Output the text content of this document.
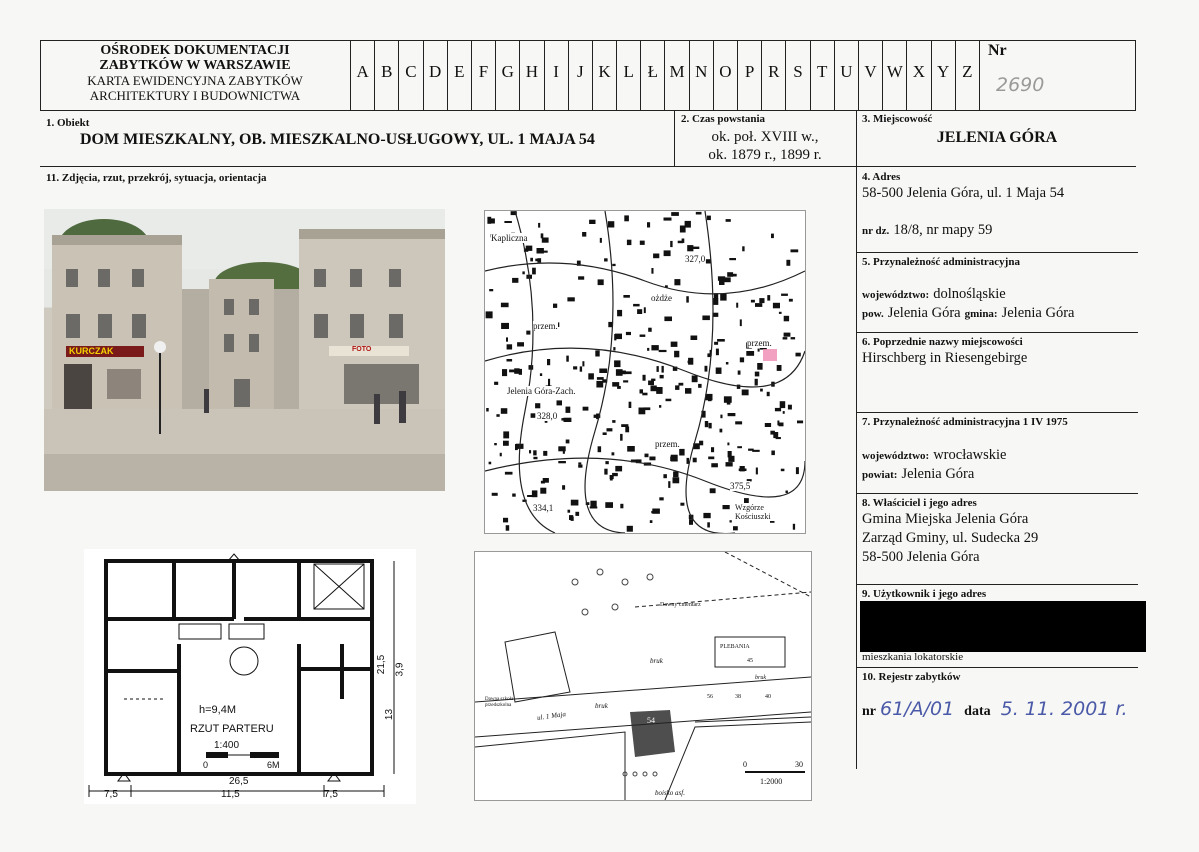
OŚRODEK DOKUMENTACJI
ZABYTKÓW W WARSZAWIE
KARTA EWIDENCYJNA ZABYTKÓW
ARCHITEKTURY I BUDOWNICTWA
A B C D E F G H I	J K L Ł M N O P R S T U V W X Y Z
Nr
2690
1. Obiekt
DOM MIESZKALNY, OB. MIESZKALNO-USŁUGOWY, UL. 1 MAJA 54
2. Czas powstania
ok. poł. XVIII w.,
ok. 1879 r., 1899 r.
3. Miejscowość
JELENIA GÓRA
11. Zdjęcia, rzut, przekrój, sytuacja, orientacja	4. Adres
58-500 Jelenia Góra, ul. 1 Maja 54
nr dz. 18/8, nr mapy 59
5. Przynależność administracyjna
województwo: dolnośląskie
pow. Jelenia Góra gmina: Jelenia Góra
6. Poprzednie nazwy miejscowości
Hirschberg in Riesengebirge
7. Przynależność administracyjna 1 IV 1975
województwo: wrocławskie
powiat: Jelenia Góra
8. Właściciel i jego adres
Gmina Miejska Jelenia Góra
Zarząd Gminy, ul. Sudecka 29
58-500 Jelenia Góra
9. Użytkownik i jego adres
mieszkania lokatorskie
10. Rejestr zabytków
nr 61/A/01 data 5. 11. 2001 r.
KURCZAK	FOTO
Kaplicznа
327,0
przem.
przem.
Jelenia Góra-Zach.
328,0
przem.
375,5
334,1	Wzgórze Kościuszki
ożdże
h=9,4M
RZUT PARTERU
1:400
0	6M
26,5
7,5	11,5	7,5
21,5 3,9
13	ul. 1 Maja
bruk
bruk
PLEBANIA
45
54
1:2000
0	30
boisko asf.
Dawny cmentarz
Dawna szkoła przedszkolna
56	38	40
bruk
